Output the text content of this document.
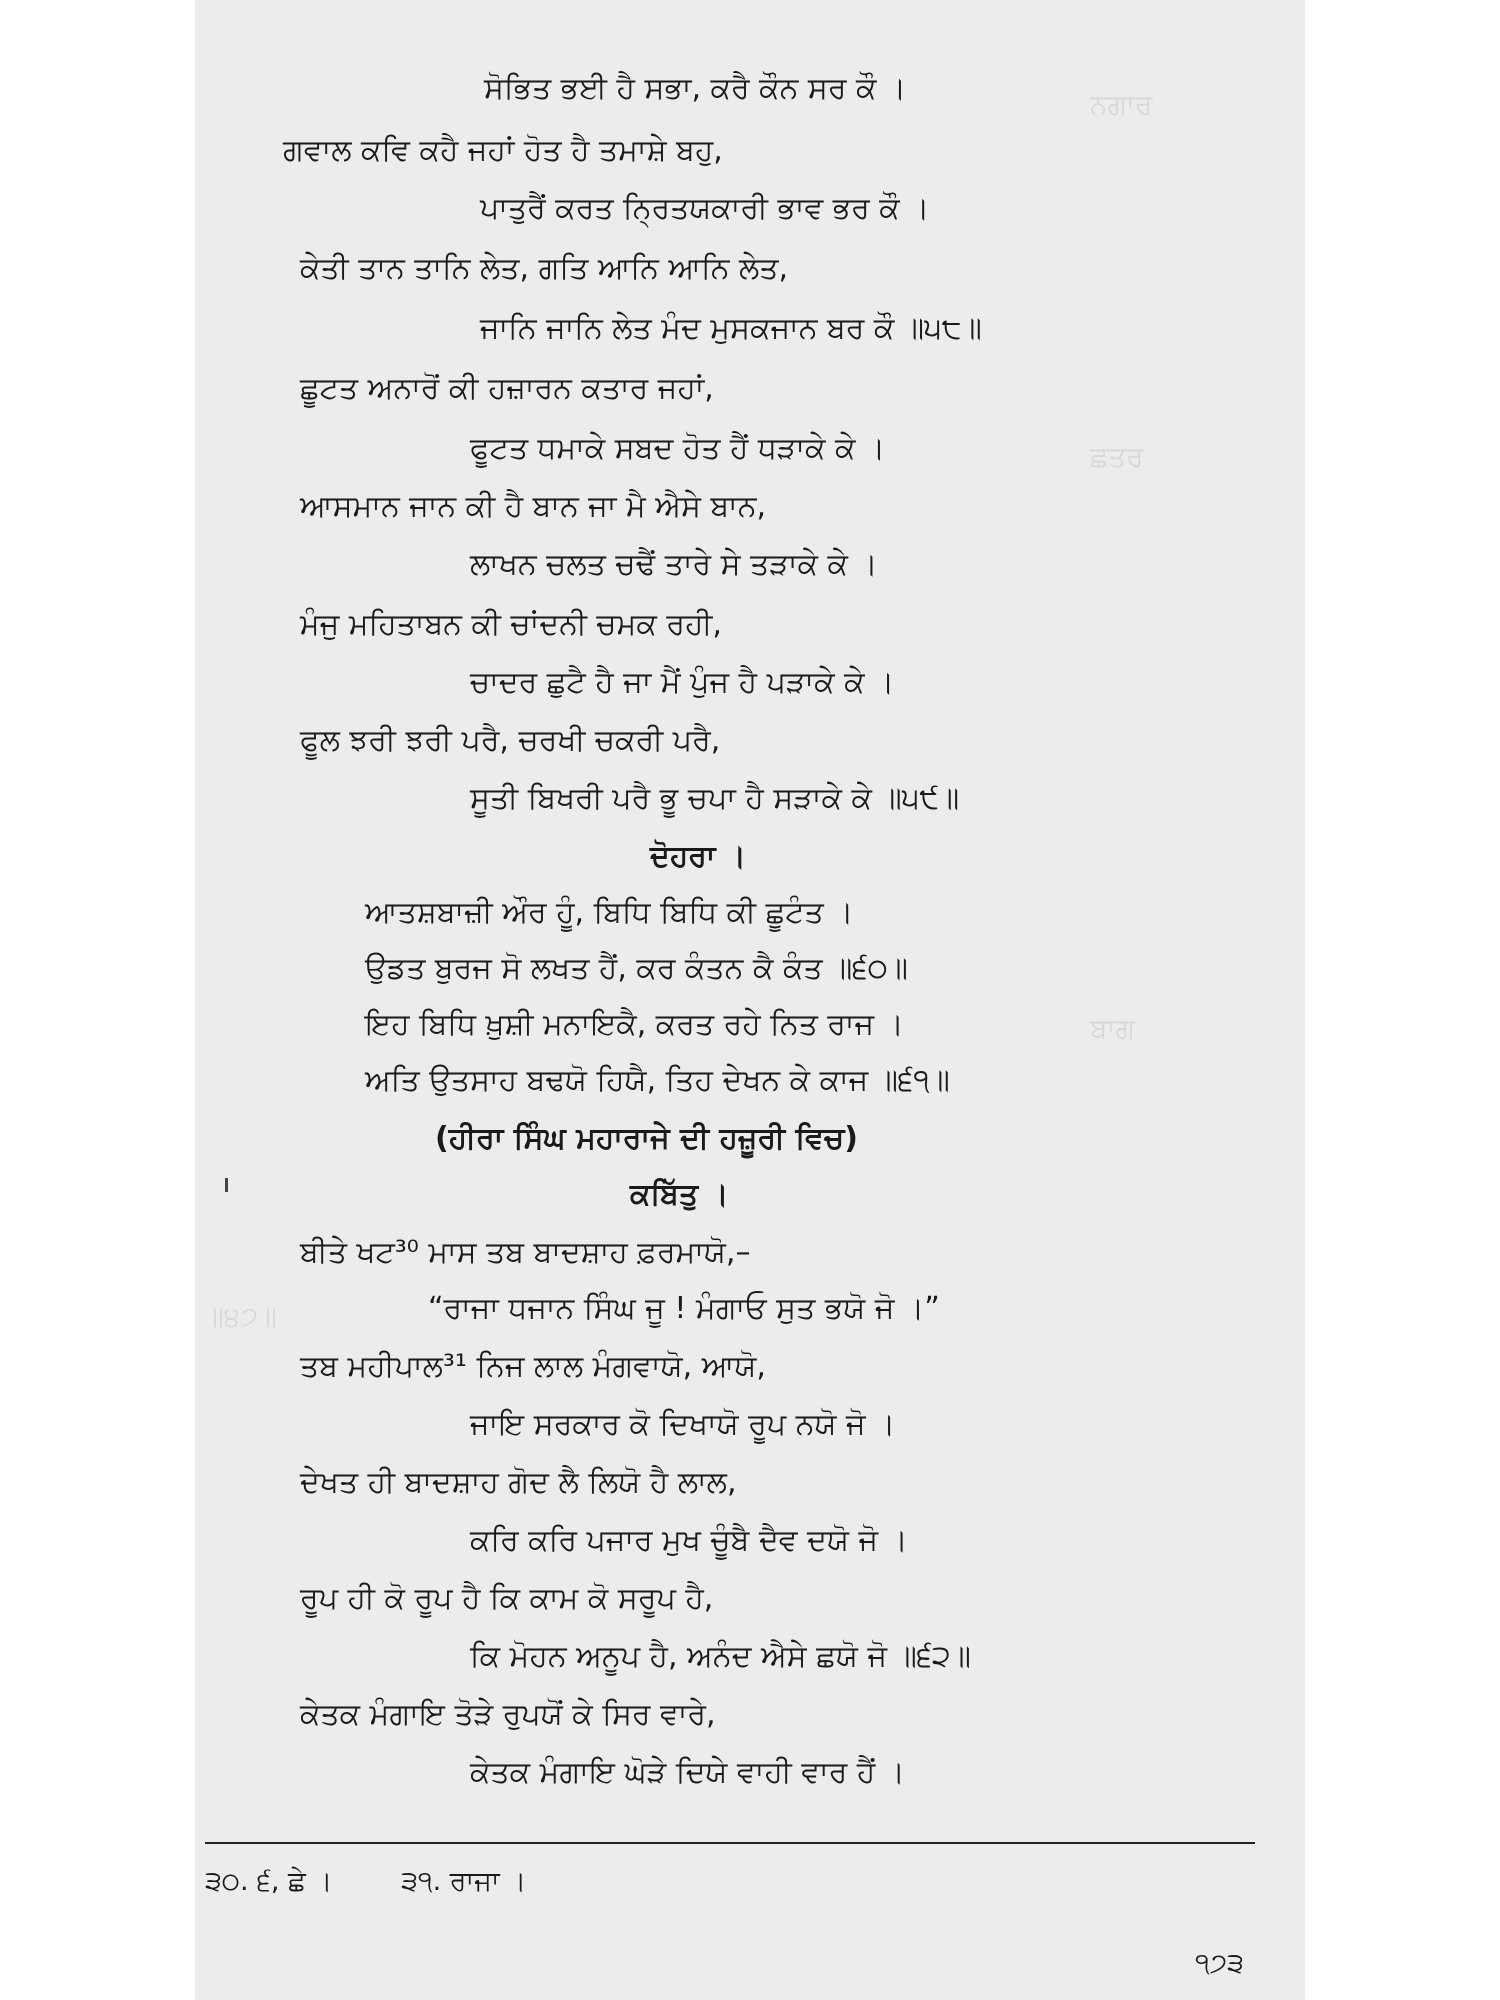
ਨਗਾਰ
ਛਤਰ
ਬਾਗ
॥੪੭॥
ਸੋਭਿਤ ਭਈ ਹੈ ਸਭਾ, ਕਰੈ ਕੌਨ ਸਰ ਕੌ ।
ਗਵਾਲ ਕਵਿ ਕਹੈ ਜਹਾਂ ਹੋਤ ਹੈ ਤਮਾਸ਼ੇ ਬਹੁ,
ਪਾਤੁਰੈਂ ਕਰਤ ਨ੍ਰਿਤਯਕਾਰੀ ਭਾਵ ਭਰ ਕੌ ।
ਕੇਤੀ ਤਾਨ ਤਾਨਿ ਲੇਤ, ਗਤਿ ਆਨਿ ਆਨਿ ਲੇਤ,
ਜਾਨਿ ਜਾਨਿ ਲੇਤ ਮੰਦ ਮੁਸਕਜਾਨ ਬਰ ਕੌ ॥੫੮॥
ਛੂਟਤ ਅਨਾਰੋਂ ਕੀ ਹਜ਼ਾਰਨ ਕਤਾਰ ਜਹਾਂ,
ਫੂਟਤ ਧਮਾਕੇ ਸਬਦ ਹੋਤ ਹੈਂ ਧੜਾਕੇ ਕੇ ।
ਆਸਮਾਨ ਜਾਨ ਕੀ ਹੈ ਬਾਨ ਜਾ ਮੈ ਐਸੇ ਬਾਨ,
ਲਾਖਨ ਚਲਤ ਚਢੈਂ ਤਾਰੇ ਸੇ ਤੜਾਕੇ ਕੇ ।
ਮੰਜੁ ਮਹਿਤਾਬਨ ਕੀ ਚਾਂਦਨੀ ਚਮਕ ਰਹੀ,
ਚਾਦਰ ਛੁਟੈ ਹੈ ਜਾ ਮੈਂ ਪੁੰਜ ਹੈ ਪੜਾਕੇ ਕੇ ।
ਫੂਲ ਝਰੀ ਝਰੀ ਪਰੈ, ਚਰਖੀ ਚਕਰੀ ਪਰੈ,
ਸੂਤੀ ਬਿਖਰੀ ਪਰੈ ਭੂ ਚਪਾ ਹੈ ਸੜਾਕੇ ਕੇ ॥੫੯॥
ਦੋਹਰਾ ।
ਆਤਸ਼ਬਾਜ਼ੀ ਔਰ ਹੂੰ, ਬਿਧਿ ਬਿਧਿ ਕੀ ਛੂਟੰਤ ।
ਉਡਤ ਬੁਰਜ ਸੋ ਲਖਤ ਹੈਂ, ਕਰ ਕੰਤਨ ਕੈ ਕੰਤ ॥੬੦॥
ਇਹ ਬਿਧਿ ਖ਼ੁਸ਼ੀ ਮਨਾਇਕੈ, ਕਰਤ ਰਹੇ ਨਿਤ ਰਾਜ ।
ਅਤਿ ਉਤਸਾਹ ਬਢਯੋ ਹਿਯੈ, ਤਿਹ ਦੇਖਨ ਕੇ ਕਾਜ ॥੬੧॥
(ਹੀਰਾ ਸਿੰਘ ਮਹਾਰਾਜੇ ਦੀ ਹਜ਼ੂਰੀ ਵਿਚ)
ਕਬਿੱਤੁ ।
ਬੀਤੇ ਖਟ³⁰ ਮਾਸ ਤਬ ਬਾਦਸ਼ਾਹ ਫ਼ਰਮਾਯੋ,–
“ਰਾਜਾ ਧਜਾਨ ਸਿੰਘ ਜੂ ! ਮੰਗਾਓ ਸੁਤ ਭਯੋ ਜੋ ।”
ਤਬ ਮਹੀਪਾਲ³¹ ਨਿਜ ਲਾਲ ਮੰਗਵਾਯੋ, ਆਯੋ,
ਜਾਇ ਸਰਕਾਰ ਕੋ ਦਿਖਾਯੋ ਰੂਪ ਨਯੋ ਜੋ ।
ਦੇਖਤ ਹੀ ਬਾਦਸ਼ਾਹ ਗੋਦ ਲੈ ਲਿਯੋ ਹੈ ਲਾਲ,
ਕਰਿ ਕਰਿ ਪਜਾਰ ਮੁਖ ਚੂੰਬੈ ਦੈਵ ਦਯੋ ਜੋ ।
ਰੂਪ ਹੀ ਕੋ ਰੂਪ ਹੈ ਕਿ ਕਾਮ ਕੋ ਸਰੂਪ ਹੈ,
ਕਿ ਮੋਹਨ ਅਨੂਪ ਹੈ, ਅਨੰਦ ਐਸੇ ਛਯੋ ਜੋ ॥੬੨॥
ਕੇਤਕ ਮੰਗਾਇ ਤੋੜੇ ਰੁਪਯੋਂ ਕੇ ਸਿਰ ਵਾਰੇ,
ਕੇਤਕ ਮੰਗਾਇ ਘੋੜੇ ਦਿਯੇ ਵਾਹੀ ਵਾਰ ਹੈਂ ।
੩੦. ੬, ਛੇ ।	੩੧. ਰਾਜਾ ।
੧੭੩
